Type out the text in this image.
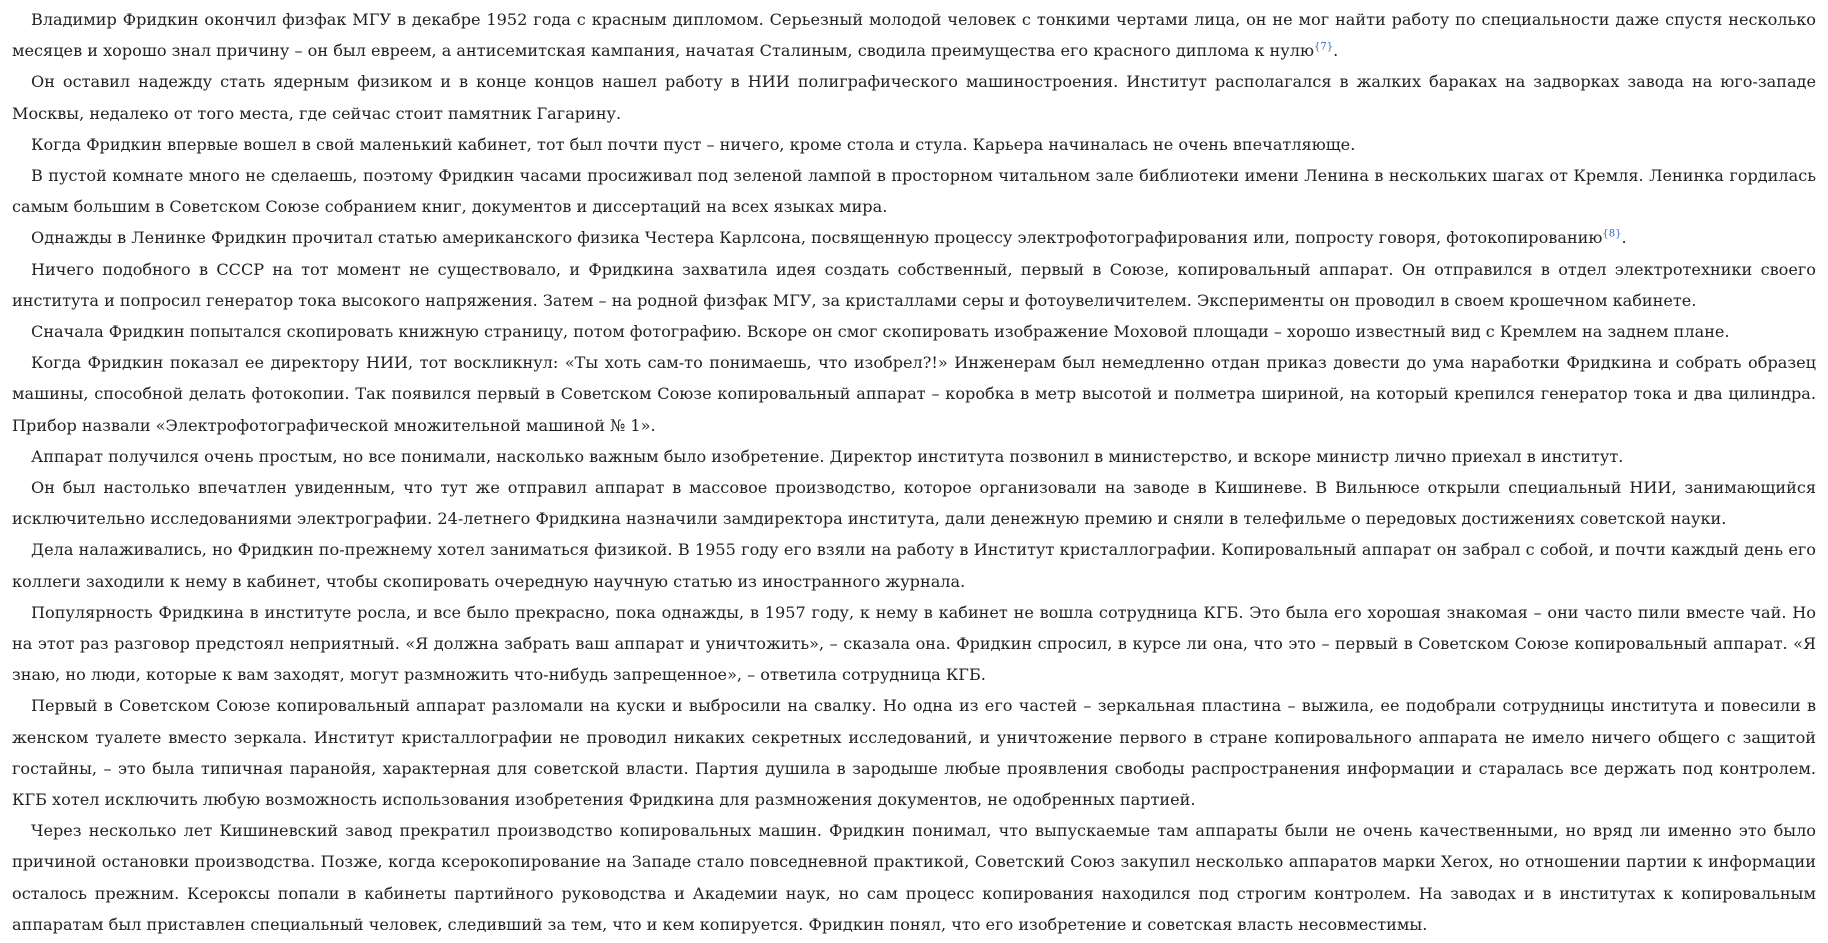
Владимир Фридкин окончил физфак МГУ в декабре 1952 года с красным дипломом. Серьезный молодой человек с тонкими чертами лица, он не мог найти работу по специальности даже спустя несколько месяцев и хорошо знал причину – он был евреем, а антисемитская кампания, начатая Сталиным, сводила преимущества его красного диплома к нулю$^{\{7\}}$.

Он оставил надежду стать ядерным физиком и в конце концов нашел работу в НИИ полиграфического машиностроения. Институт располагался в жалких бараках на задворках завода на юго-западе Москвы, недалеко от того места, где сейчас стоит памятник Гагарину.

Когда Фридкин впервые вошел в свой маленький кабинет, тот был почти пуст – ничего, кроме стола и стула. Карьера начиналась не очень впечатляюще.

В пустой комнате много не сделаешь, поэтому Фридкин часами просиживал под зеленой лампой в просторном читальном зале библиотеки имени Ленина в нескольких шагах от Кремля. Ленинка гордилась самым большим в Советском Союзе собранием книг, документов и диссертаций на всех языках мира.

Однажды в Ленинке Фридкин прочитал статью американского физика Честера Карлсона, посвященную процессу электрофотографирования или, попросту говоря, фотокопированию$^{\{8\}}$.

Ничего подобного в СССР на тот момент не существовало, и Фридкина захватила идея создать собственный, первый в Союзе, копировальный аппарат. Он отправился в отдел электротехники своего института и попросил генератор тока высокого напряжения. Затем – на родной физфак МГУ, за кристаллами серы и фотоувеличителем. Эксперименты он проводил в своем крошечном кабинете.

Сначала Фридкин попытался скопировать книжную страницу, потом фотографию. Вскоре он смог скопировать изображение Моховой площади – хорошо известный вид с Кремлем на заднем плане.

Когда Фридкин показал ее директору НИИ, тот воскликнул: «Ты хоть сам-то понимаешь, что изобрел?!» Инженерам был немедленно отдан приказ довести до ума наработки Фридкина и собрать образец машины, способной делать фотокопии. Так появился первый в Советском Союзе копировальный аппарат – коробка в метр высотой и полметра шириной, на который крепился генератор тока и два цилиндра. Прибор назвали «Электрофотографической множительной машиной № 1».

Аппарат получился очень простым, но все понимали, насколько важным было изобретение. Директор института позвонил в министерство, и вскоре министр лично приехал в институт.

Он был настолько впечатлен увиденным, что тут же отправил аппарат в массовое производство, которое организовали на заводе в Кишиневе. В Вильнюсе открыли специальный НИИ, занимающийся исключительно исследованиями электрографии. 24-летнего Фридкина назначили замдиректора института, дали денежную премию и сняли в телефильме о передовых достижениях советской науки.

Дела налаживались, но Фридкин по-прежнему хотел заниматься физикой. В 1955 году его взяли на работу в Институт кристаллографии. Копировальный аппарат он забрал с собой, и почти каждый день его коллеги заходили к нему в кабинет, чтобы скопировать очередную научную статью из иностранного журнала.

Популярность Фридкина в институте росла, и все было прекрасно, пока однажды, в 1957 году, к нему в кабинет не вошла сотрудница КГБ. Это была его хорошая знакомая – они часто пили вместе чай. Но на этот раз разговор предстоял неприятный. «Я должна забрать ваш аппарат и уничтожить», – сказала она. Фридкин спросил, в курсе ли она, что это – первый в Советском Союзе копировальный аппарат. «Я знаю, но люди, которые к вам заходят, могут размножить что-нибудь запрещенное», – ответила сотрудница КГБ.

Первый в Советском Союзе копировальный аппарат разломали на куски и выбросили на свалку. Но одна из его частей – зеркальная пластина – выжила, ее подобрали сотрудницы института и повесили в женском туалете вместо зеркала. Институт кристаллографии не проводил никаких секретных исследований, и уничтожение первого в стране копировального аппарата не имело ничего общего с защитой гостайны, – это была типичная паранойя, характерная для советской власти. Партия душила в зародыше любые проявления свободы распространения информации и старалась все держать под контролем. КГБ хотел исключить любую возможность использования изобретения Фридкина для размножения документов, не одобренных партией.

Через несколько лет Кишиневский завод прекратил производство копировальных машин. Фридкин понимал, что выпускаемые там аппараты были не очень качественными, но вряд ли именно это было причиной остановки производства. Позже, когда ксерокопирование на Западе стало повседневной практикой, Советский Союз закупил несколько аппаратов марки Xerox, но отношении партии к информации осталось прежним. Ксероксы попали в кабинеты партийного руководства и Академии наук, но сам процесс копирования находился под строгим контролем. На заводах и в институтах к копировальным аппаратам был приставлен специальный человек, следивший за тем, что и кем копируется. Фридкин понял, что его изобретение и советская власть несовместимы.
